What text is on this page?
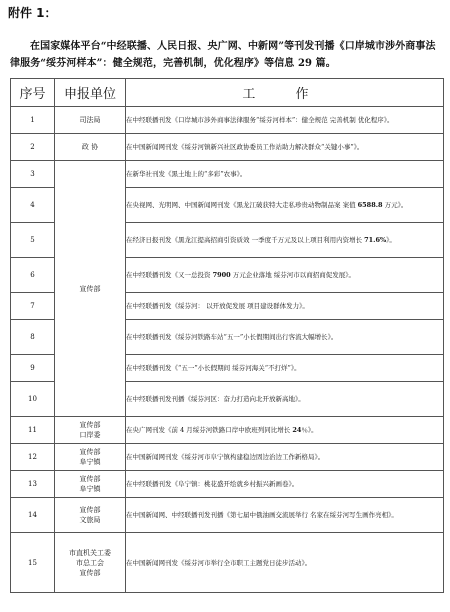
附件 1：
在国家媒体平台“中经联播、人民日报、央广网、中新网”等刊发刊播《口岸城市涉外商事法律服务“绥芬河样本”：健全规范，完善机制，优化程序》等信息 29 篇。
序号	申报单位	工 作
1	司法局	在中经联播刊发《口岸城市涉外商事法律服务“绥芬河样本”：健全规范 完善机制 优化程序》。
2	政 协	在中国新闻网刊发《绥芬河镇新兴社区政协委员工作站助力解决群众“关键小事”》。
3	宣传部	在新华社刊发《黑土地上的“多彩”农事》。
4		在央视网、光明网、中国新闻网刊发《黑龙江破获特大走私珍贵动物制品案 案值 6588.8 万元》。
5		在经济日报刊发《黑龙江提高招商引资质效 一季度千万元及以上项目利用内资增长 71.6%》。
6		在中经联播刊发《又一总投资 7900 万元企业落地 绥芬河市以商招商促发展》。
7		在中经联播刊发《绥芬河： 以开放促发展 项目建设群体发力》。
8		在中经联播刊发《绥芬河铁路车站“五一”小长假期间出行客流大幅增长》。
9		在中经联播刊发《“五一”小长假期间 绥芬河海关“不打烊”》。
10		在中经联播刊发刊播《绥芬河区：奋力打造向北开放新高地》。
11	宣传部
口岸委	在央广网刊发《前 4 月绥芬河铁路口岸中欧班列同比增长 24％》。
12	宣传部
阜宁镇	在中国新闻网刊发《绥芬河市阜宁镇构建稳边固边治边工作新格局》。
13	宣传部
阜宁镇	在中经联播刊发《阜宁镇：桃花盛开绘就乡村振兴新画卷》。
14	宣传部
文旅局	在中国新闻网、中经联播刊发刊播《第七届中俄油画交流展举行 名家在绥芬河写生画作亮相》。
15	市直机关工委
市总工会
宣传部	在中国新闻网刊发《绥芬河市举行全市职工主题党日徒步活动》。
